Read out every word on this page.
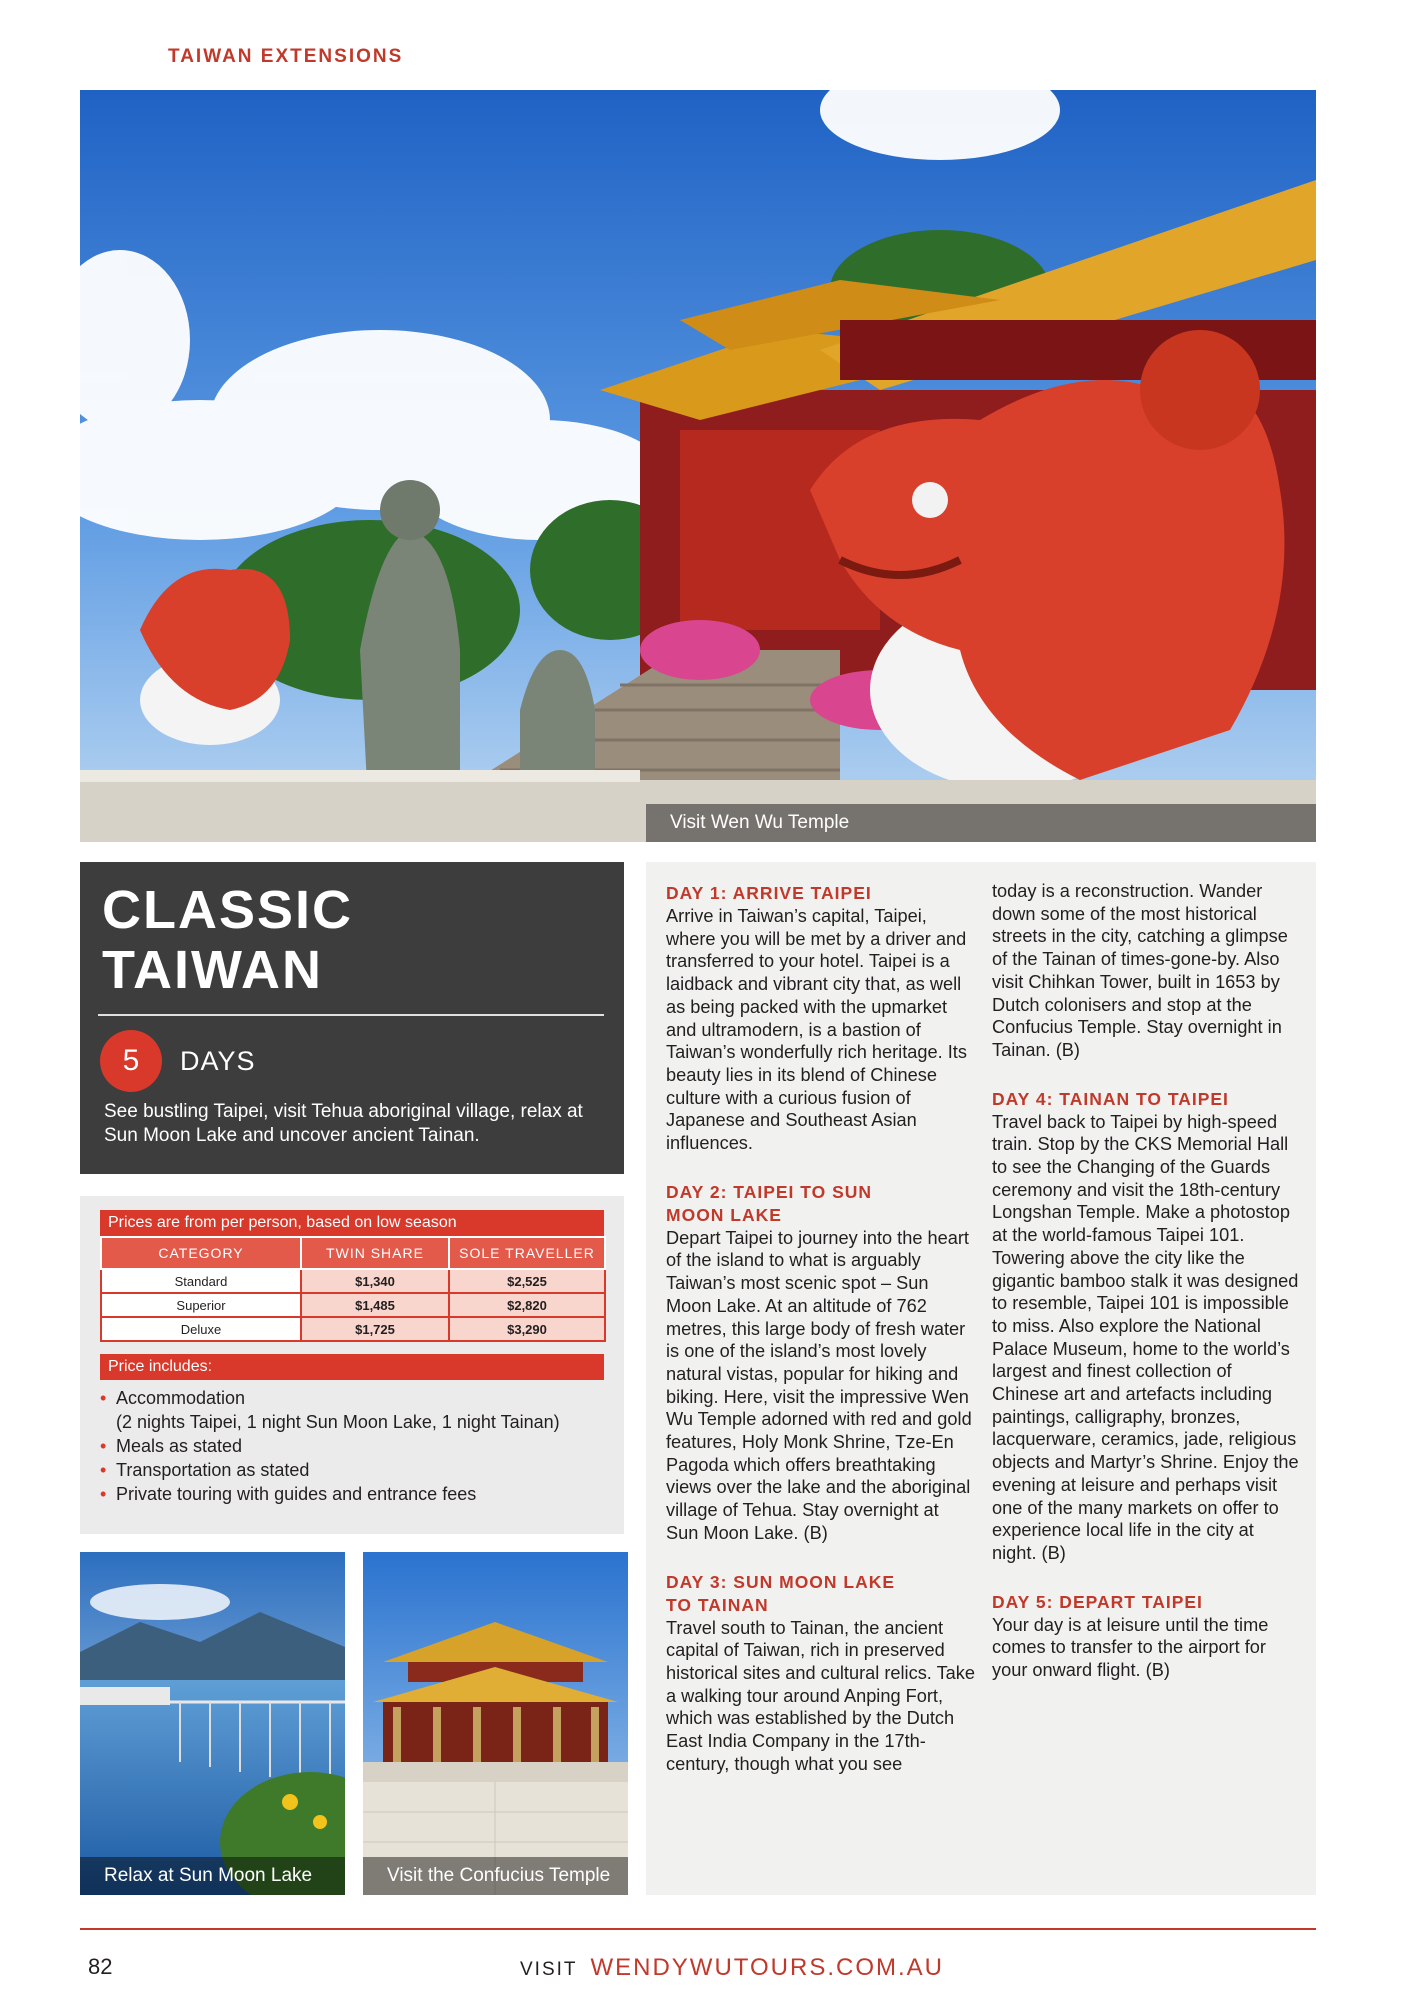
TAIWAN EXTENSIONS
Visit Wen Wu Temple
CLASSIC
TAIWAN
5	DAYS
See bustling Taipei, visit Tehua aboriginal village, relax at Sun Moon Lake and uncover ancient Tainan.
Prices are from per person, based on low season
CATEGORY	TWIN SHARE	SOLE TRAVELLER
Standard	$1,340	$2,525
Superior	$1,485	$2,820
Deluxe	$1,725	$3,290
Price includes:
• Accommodation
(2 nights Taipei, 1 night Sun Moon Lake, 1 night Tainan)
• Meals as stated
• Transportation as stated
• Private touring with guides and entrance fees
Relax at Sun Moon Lake	Visit the Confucius Temple
DAY 1: ARRIVE TAIPEI

Arrive in Taiwan’s capital, Taipei, where you will be met by a driver and transferred to your hotel. Taipei is a laidback and vibrant city that, as well as being packed with the upmarket and ultramodern, is a bastion of Taiwan’s wonderfully rich heritage. Its beauty lies in its blend of Chinese culture with a curious fusion of Japanese and Southeast Asian influences.

DAY 2: TAIPEI TO SUN MOON LAKE

Depart Taipei to journey into the heart of the island to what is arguably Taiwan’s most scenic spot – Sun Moon Lake. At an altitude of 762 metres, this large body of fresh water is one of the island’s most lovely natural vistas, popular for hiking and biking. Here, visit the impressive Wen Wu Temple adorned with red and gold features, Holy Monk Shrine, Tze-En Pagoda which offers breathtaking views over the lake and the aboriginal village of Tehua. Stay overnight at Sun Moon Lake. (B)

DAY 3: SUN MOON LAKE TO TAINAN

Travel south to Tainan, the ancient capital of Taiwan, rich in preserved historical sites and cultural relics. Take a walking tour around Anping Fort, which was established by the Dutch East India Company in the 17th-century, though what you see

today is a reconstruction. Wander down some of the most historical streets in the city, catching a glimpse of the Tainan of times-gone-by. Also visit Chihkan Tower, built in 1653 by Dutch colonisers and stop at the Confucius Temple. Stay overnight in Tainan. (B)

DAY 4: TAINAN TO TAIPEI

Travel back to Taipei by high-speed train. Stop by the CKS Memorial Hall to see the Changing of the Guards ceremony and visit the 18th-century Longshan Temple. Make a photostop at the world-famous Taipei 101. Towering above the city like the gigantic bamboo stalk it was designed to resemble, Taipei 101 is impossible to miss. Also explore the National Palace Museum, home to the world’s largest and finest collection of Chinese art and artefacts including paintings, calligraphy, bronzes, lacquerware, ceramics, jade, religious objects and Martyr’s Shrine. Enjoy the evening at leisure and perhaps visit one of the many markets on offer to experience local life in the city at night. (B)

DAY 5: DEPART TAIPEI

Your day is at leisure until the time comes to transfer to the airport for your onward flight. (B)

82	VISIT WENDYWUTOURS.COM.AU
